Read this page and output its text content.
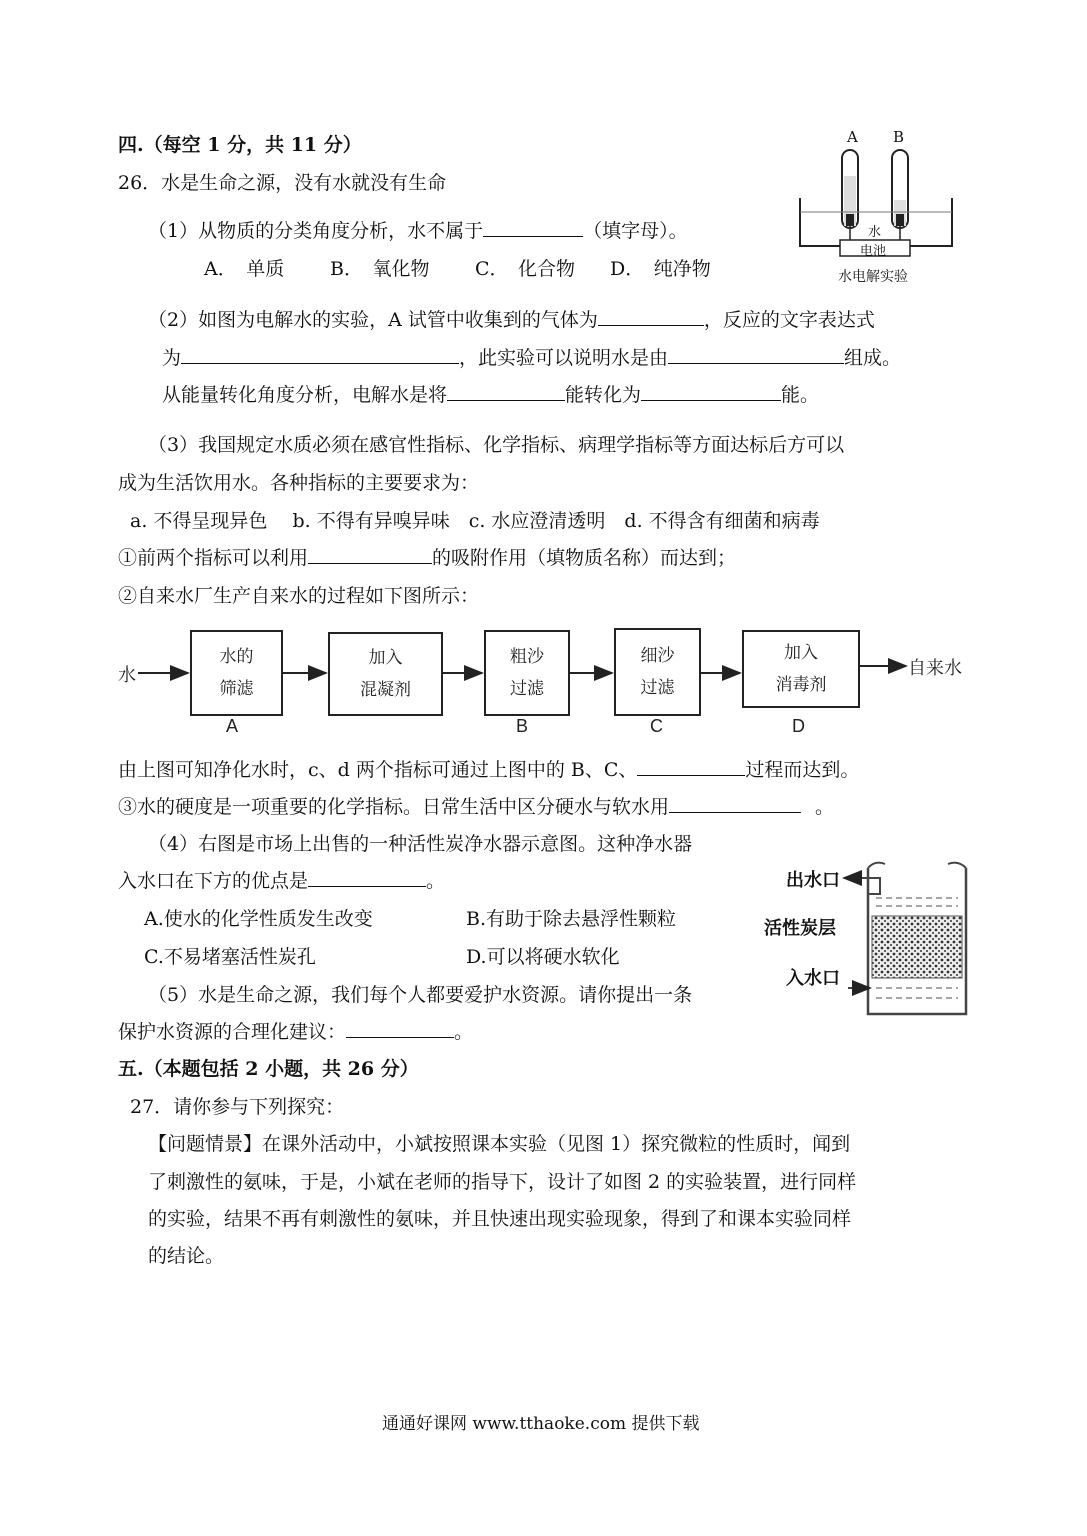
四.（每空 1 分，共 11 分）
26．水是生命之源，没有水就没有生命
A B
水
电池
水电解实验
（1）从物质的分类角度分析，水不属于	（填字母）。
A．　单质 B．　氧化物 C．　化合物 D．　纯净物
（2）如图为电解水的实验，A 试管中收集到的气体为	，反应的文字表达式
为	，此实验可以说明水是由	组成。
从能量转化角度分析，电解水是将	能转化为	能。
（3）我国规定水质必须在感官性指标、化学指标、病理学指标等方面达标后方可以
成为生活饮用水。各种指标的主要要求为：
a. 不得呈现异色　 b. 不得有异嗅异味　c. 水应澄清透明　d. 不得含有细菌和病毒
①前两个指标可以利用	的吸附作用（填物质名称）而达到；
②自来水厂生产自来水的过程如下图所示：
水	自来水
水的
筛滤
加入
混凝剂
粗沙
过滤
细沙
过滤
加入
消毒剂
A	B	C	D
由上图可知净化水时，c、d 两个指标可通过上图中的 B、C、	过程而达到。
③水的硬度是一项重要的化学指标。日常生活中区分硬水与软水用	。
（4）右图是市场上出售的一种活性炭净水器示意图。这种净水器
入水口在下方的优点是	。
A.使水的化学性质发生改变	B.有助于除去悬浮性颗粒
C.不易堵塞活性炭孔	D.可以将硬水软化
出水口
活性炭层
入水口
（5）水是生命之源，我们每个人都要爱护水资源。请你提出一条
保护水资源的合理化建议：	。
五.（本题包括 2 小题，共 26 分）
27．请你参与下列探究：
【问题情景】在课外活动中，小斌按照课本实验（见图 1）探究微粒的性质时，闻到
了刺激性的氨味，于是，小斌在老师的指导下，设计了如图 2 的实验装置，进行同样
的实验，结果不再有刺激性的氨味，并且快速出现实验现象，得到了和课本实验同样
的结论。
通通好课网 www.tthaoke.com 提供下载
